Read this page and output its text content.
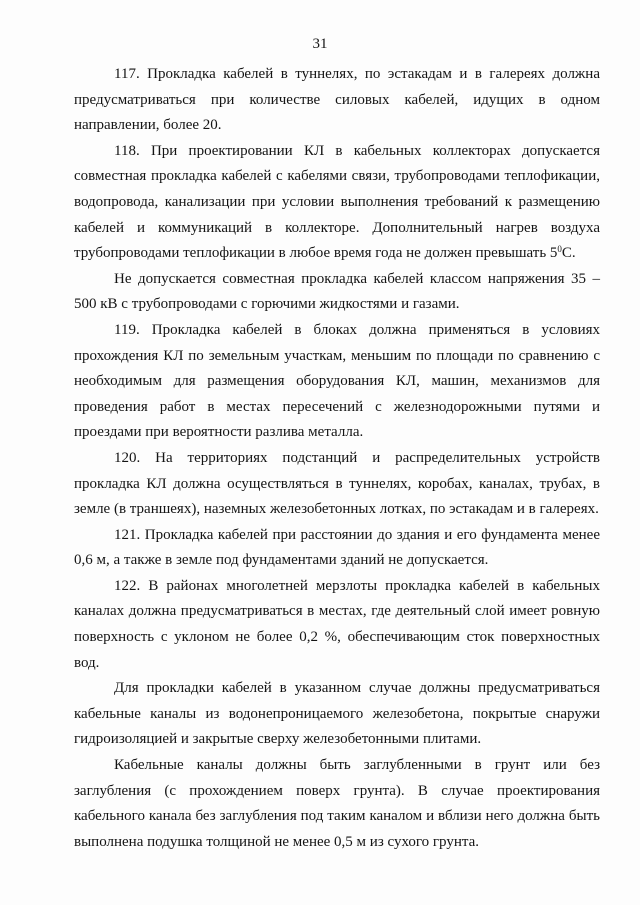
31

117. Прокладка кабелей в туннелях, по эстакадам и в галереях должна предусматриваться при количестве силовых кабелей, идущих в одном направлении, более 20.

118. При проектировании КЛ в кабельных коллекторах допускается совместная прокладка кабелей с кабелями связи, трубопроводами теплофикации, водопровода, канализации при условии выполнения требований к размещению кабелей и коммуникаций в коллекторе. Дополнительный нагрев воздуха трубопроводами теплофикации в любое время года не должен превышать $5^0С$.

Не допускается совместная прокладка кабелей классом напряжения 35 – 500 кВ с трубопроводами с горючими жидкостями и газами.

119. Прокладка кабелей в блоках должна применяться в условиях прохождения КЛ по земельным участкам, меньшим по площади по сравнению с необходимым для размещения оборудования КЛ, машин, механизмов для проведения работ в местах пересечений с железнодорожными путями и проездами при вероятности разлива металла.

120. На территориях подстанций и распределительных устройств прокладка КЛ должна осуществляться в туннелях, коробах, каналах, трубах, в земле (в траншеях), наземных железобетонных лотках, по эстакадам и в галереях.

121. Прокладка кабелей при расстоянии до здания и его фундамента менее 0,6 м, а также в земле под фундаментами зданий не допускается.

122. В районах многолетней мерзлоты прокладка кабелей в кабельных каналах должна предусматриваться в местах, где деятельный слой имеет ровную поверхность с уклоном не более 0,2 %, обеспечивающим сток поверхностных вод.

Для прокладки кабелей в указанном случае должны предусматриваться кабельные каналы из водонепроницаемого железобетона, покрытые снаружи гидроизоляцией и закрытые сверху железобетонными плитами.

Кабельные каналы должны быть заглубленными в грунт или без заглубления (с прохождением поверх грунта). В случае проектирования кабельного канала без заглубления под таким каналом и вблизи него должна быть выполнена подушка толщиной не менее 0,5 м из сухого грунта.
